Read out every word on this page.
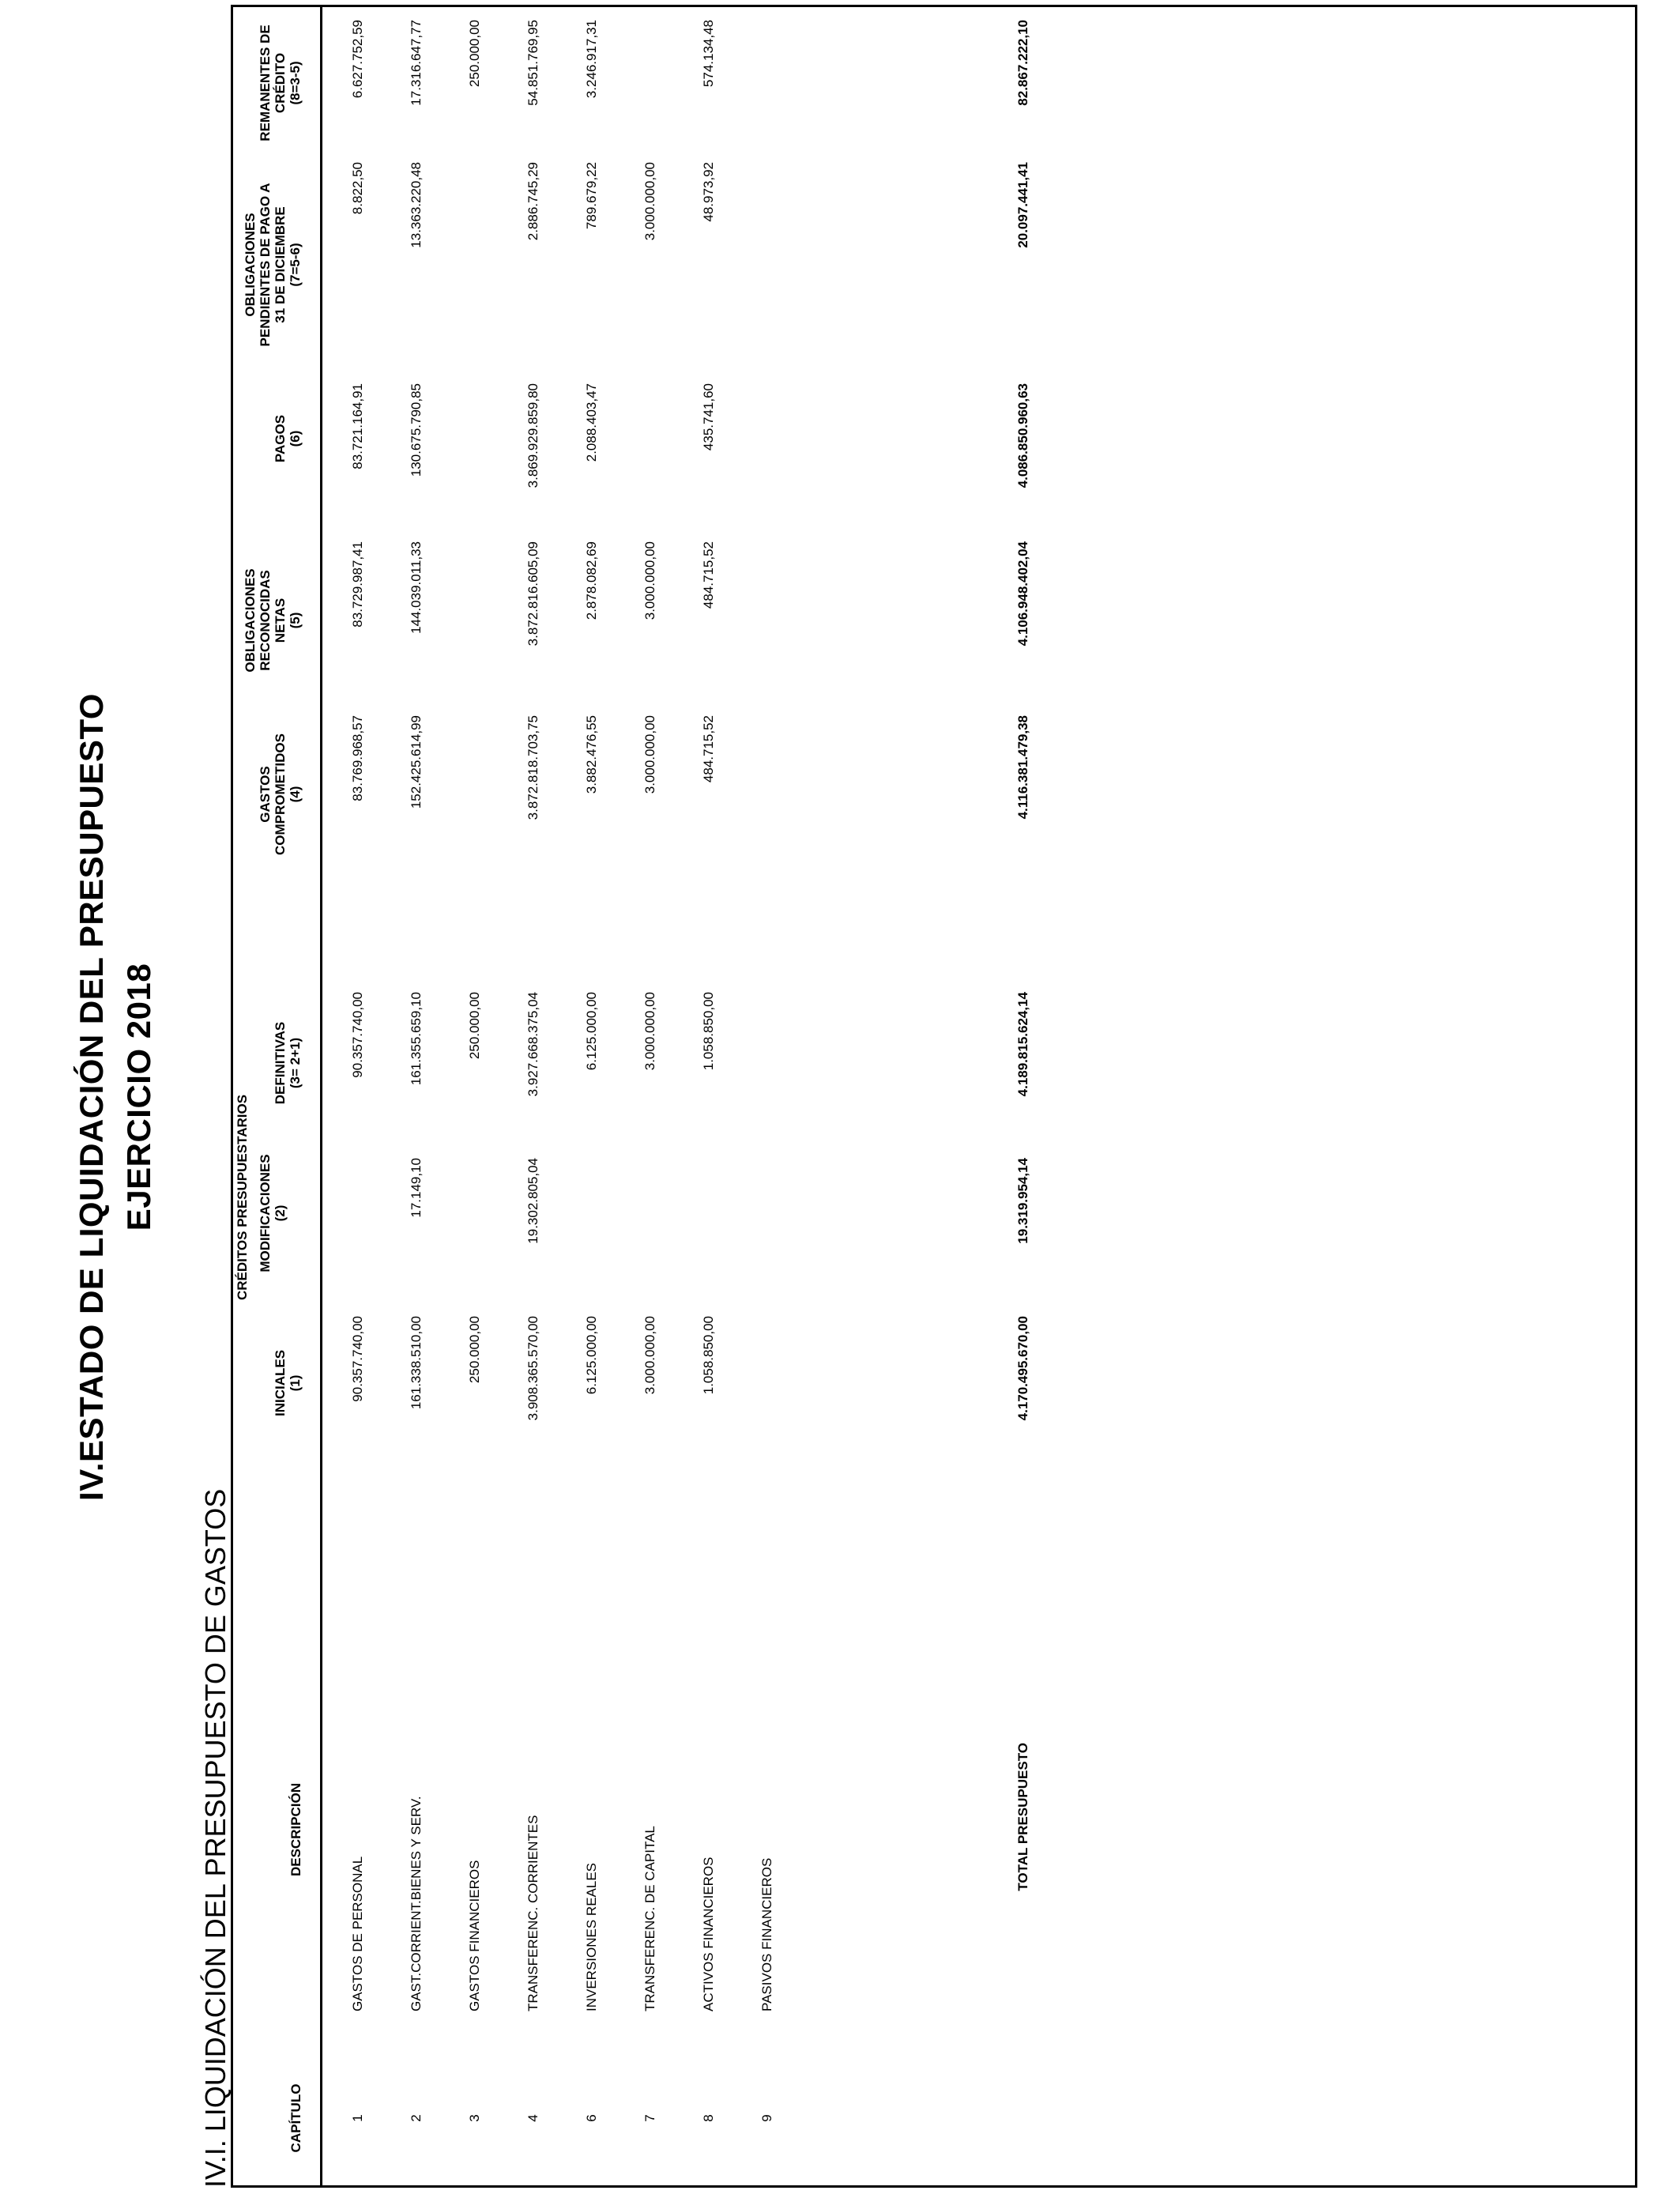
IV.ESTADO DE LIQUIDACIÓN DEL PRESUPUESTO EJERCICIO 2018
IV.I. LIQUIDACIÓN DEL PRESUPUESTO DE GASTOS	CAPÍTULO
DESCRIPCIÓN
CRÉDITOS PRESUPUESTARIOS
INICIALES
(1)
MODIFICACIONES
(2)
DEFINITIVAS
(3= 2+1)
GASTOS
COMPROMETIDOS
(4)
OBLIGACIONES
RECONOCIDAS
NETAS
(5)
PAGOS
(6)
OBLIGACIONES
PENDIENTES DE PAGO A
31 DE DICIEMBRE
(7=5-6)
REMANENTES DE
CRÉDITO
(8=3-5)
1
GASTOS DE PERSONAL
90.357.740,00
90.357.740,00
83.769.968,57
83.729.987,41
83.721.164,91
8.822,50
6.627.752,59
2
GAST.CORRIENT.BIENES Y SERV.
161.338.510,00
17.149,10
161.355.659,10
152.425.614,99
144.039.011,33
130.675.790,85
13.363.220,48
17.316.647,77
3
GASTOS FINANCIEROS
250.000,00
250.000,00
250.000,00
4
TRANSFERENC. CORRIENTES
3.908.365.570,00
19.302.805,04
3.927.668.375,04
3.872.818.703,75
3.872.816.605,09
3.869.929.859,80
2.886.745,29
54.851.769,95
6
INVERSIONES REALES
6.125.000,00
6.125.000,00
3.882.476,55
2.878.082,69
2.088.403,47
789.679,22
3.246.917,31
7
TRANSFERENC. DE CAPITAL
3.000.000,00
3.000.000,00
3.000.000,00
3.000.000,00
3.000.000,00
8
ACTIVOS FINANCIEROS
1.058.850,00
1.058.850,00
484.715,52
484.715,52
435.741,60
48.973,92
574.134,48
9
PASIVOS FINANCIEROS
TOTAL PRESUPUESTO
4.170.495.670,00
19.319.954,14
4.189.815.624,14
4.116.381.479,38
4.106.948.402,04
4.086.850.960,63
20.097.441,41
82.867.222,10
